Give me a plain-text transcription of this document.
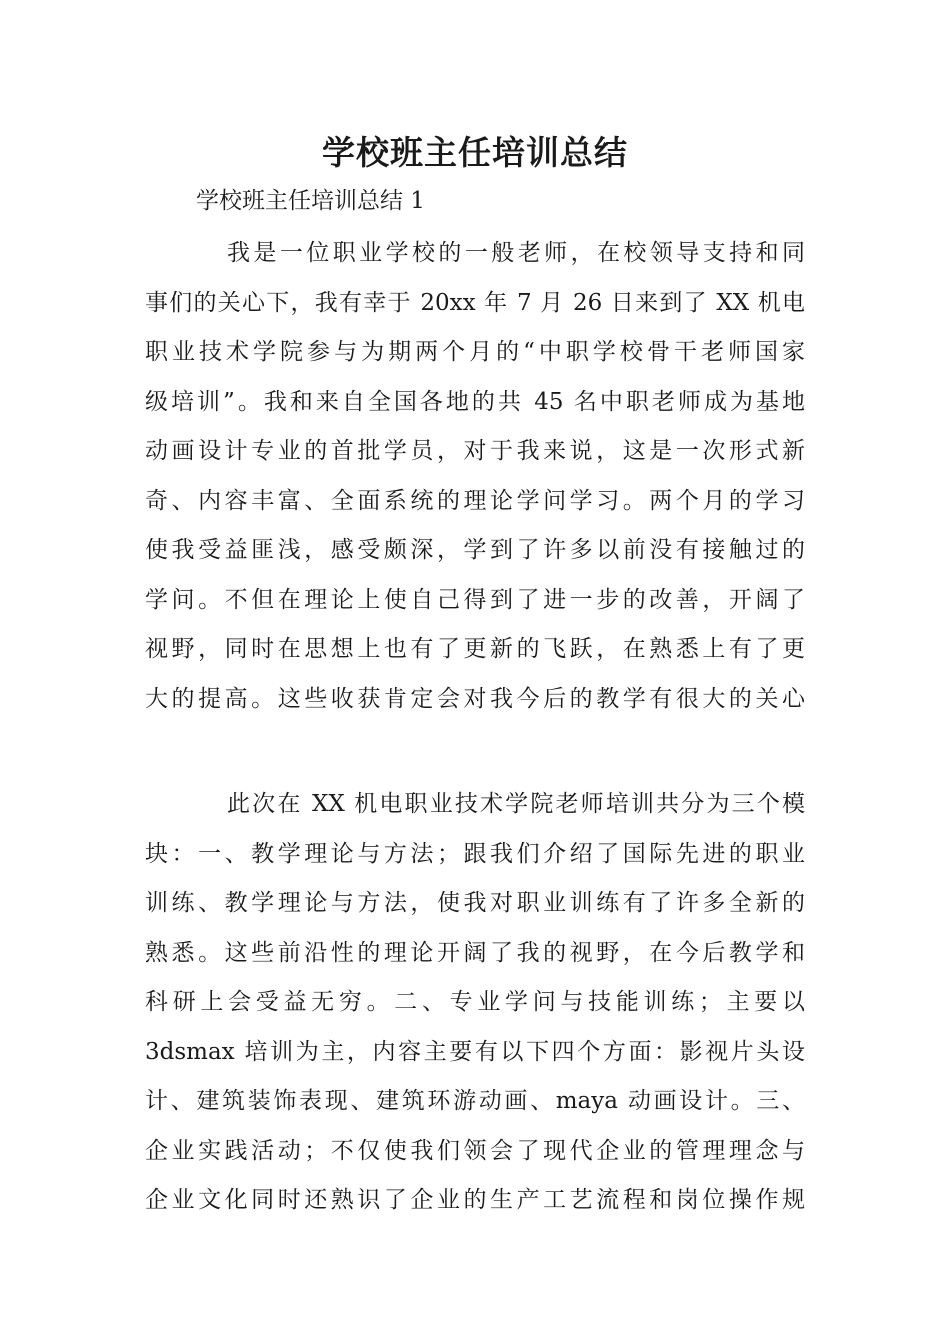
学校班主任培训总结

学校班主任培训总结 1

我是一位职业学校的一般老师，在校领导支持和同
事们的关心下，我有幸于 20xx 年 7 月 26 日来到了 XX 机电
职业技术学院参与为期两个月的“中职学校骨干老师国家
级培训”。我和来自全国各地的共 45 名中职老师成为基地
动画设计专业的首批学员，对于我来说，这是一次形式新
奇、内容丰富、全面系统的理论学问学习。两个月的学习
使我受益匪浅，感受颇深，学到了许多以前没有接触过的
学问。不但在理论上使自己得到了进一步的改善，开阔了
视野，同时在思想上也有了更新的飞跃，在熟悉上有了更
大的提高。这些收获肯定会对我今后的教学有很大的关心
此次在 XX 机电职业技术学院老师培训共分为三个模
块：一、教学理论与方法；跟我们介绍了国际先进的职业
训练、教学理论与方法，使我对职业训练有了许多全新的
熟悉。这些前沿性的理论开阔了我的视野，在今后教学和
科研上会受益无穷。二、专业学问与技能训练；主要以
3dsmax 培训为主，内容主要有以下四个方面：影视片头设
计、建筑装饰表现、建筑环游动画、maya 动画设计。三、
企业实践活动；不仅使我们领会了现代企业的管理理念与
企业文化同时还熟识了企业的生产工艺流程和岗位操作规
